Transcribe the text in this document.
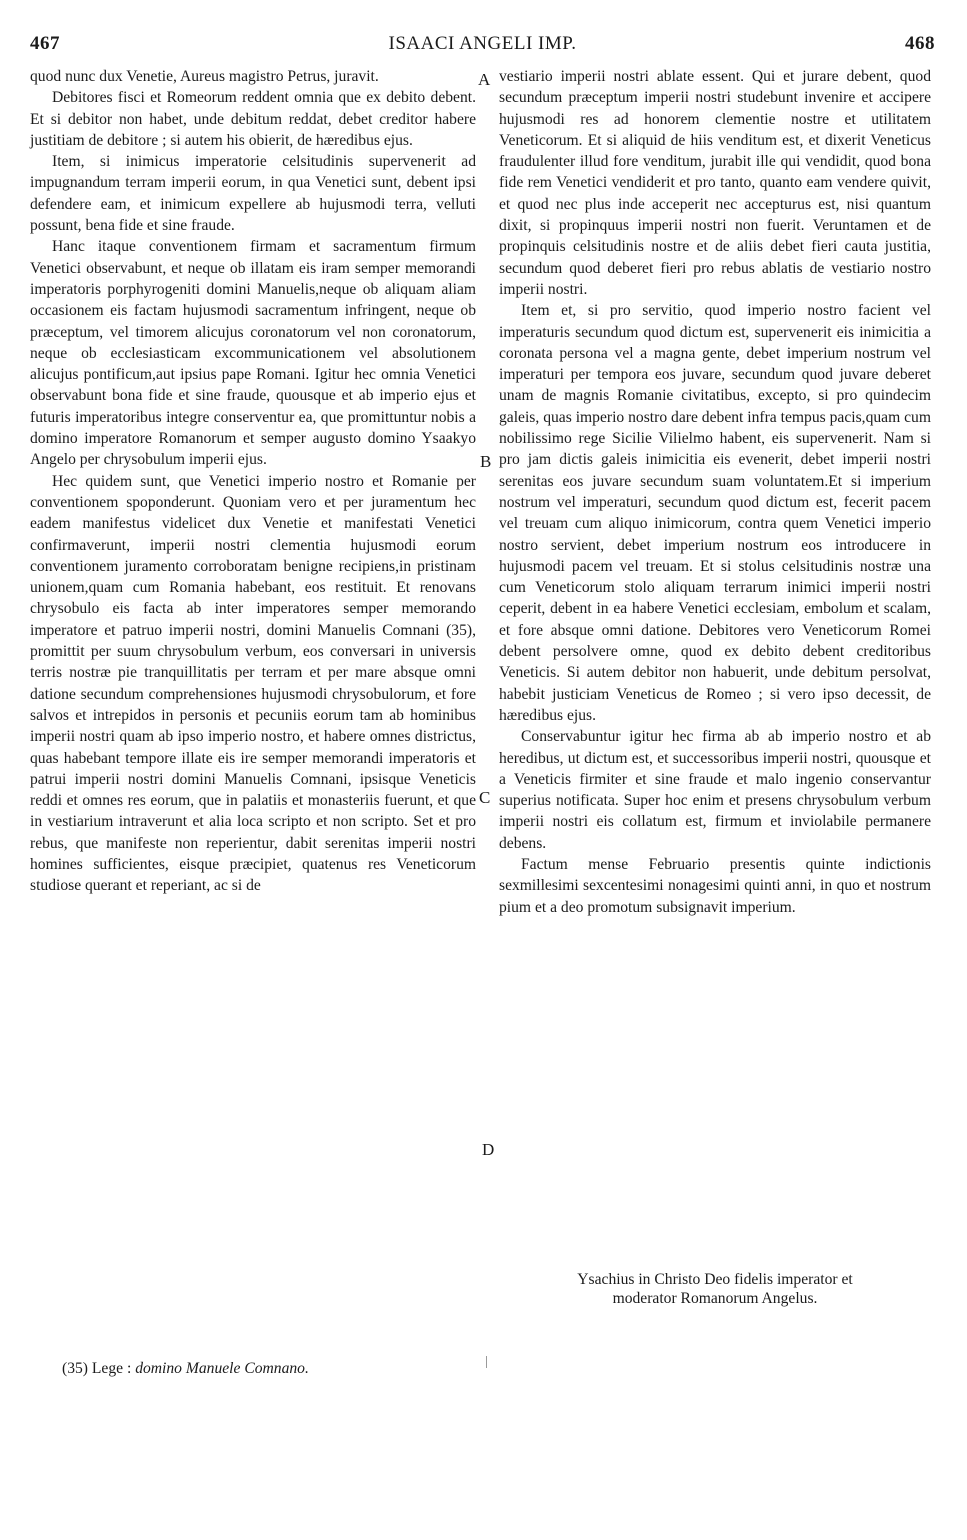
467	ISAACI ANGELI IMP.	468

quod nunc dux Venetie, Aureus magistro Petrus, juravit.

Debitores fisci et Romeorum reddent omnia que ex debito debent. Et si debitor non habet, unde debitum reddat, debet creditor habere justitiam de debitore ; si autem his obierit, de hæredibus ejus.

Item, si inimicus imperatorie celsitudinis supervenerit ad impugnandum terram imperii eorum, in qua Venetici sunt, debent ipsi defendere eam, et inimicum expellere ab hujusmodi terra, velluti possunt, bena fide et sine fraude.

Hanc itaque conventionem firmam et sacramentum firmum Venetici observabunt, et neque ob illatam eis iram semper memorandi imperatoris porphyrogeniti domini Manuelis,neque ob aliquam aliam occasionem eis factam hujusmodi sacramentum infringent, neque ob præceptum, vel timorem alicujus coronatorum vel non coronatorum, neque ob ecclesiasticam excommunicationem vel absolutionem alicujus pontificum,aut ipsius pape Romani. Igitur hec omnia Venetici observabunt bona fide et sine fraude, quousque et ab imperio ejus et futuris imperatoribus integre conserventur ea, que promittuntur nobis a domino imperatore Romanorum et semper augusto domino Ysaakyo Angelo per chrysobulum imperii ejus.

Hec quidem sunt, que Venetici imperio nostro et Romanie per conventionem spoponderunt. Quoniam vero et per juramentum hec eadem manifestus videlicet dux Venetie et manifestati Venetici confirmaverunt, imperii nostri clementia hujusmodi eorum conventionem juramento corroboratam benigne recipiens,in pristinam unionem,quam cum Romania habebant, eos restituit. Et renovans chrysobulo eis facta ab inter imperatores semper memorando imperatore et patruo imperii nostri, domini Manuelis Comnani (35), promittit per suum chrysobulum verbum, eos conversari in universis terris nostræ pie tranquillitatis per terram et per mare absque omni datione secundum comprehensiones hujusmodi chrysobulorum, et fore salvos et intrepidos in personis et pecuniis eorum tam ab hominibus imperii nostri quam ab ipso imperio nostro, et habere omnes districtus, quas habebant tempore illate eis ire semper memorandi imperatoris et patrui imperii nostri domini Manuelis Comnani, ipsisque Veneticis reddi et omnes res eorum, que in palatiis et monasteriis fuerunt, et que in vestiarium intraverunt et alia loca scripto et non scripto. Set et pro rebus, que manifeste non reperientur, dabit serenitas imperii nostri homines sufficientes, eisque præcipiet, quatenus res Veneticorum studiose querant et reperiant, ac si de

A
B
C
D

vestiario imperii nostri ablate essent. Qui et jurare debent, quod secundum præceptum imperii nostri studebunt invenire et accipere hujusmodi res ad honorem clementie nostre et utilitatem Veneticorum. Et si aliquid de hiis venditum est, et dixerit Veneticus fraudulenter illud fore venditum, jurabit ille qui vendidit, quod bona fide rem Venetici vendiderit et pro tanto, quanto eam vendere quivit, et quod nec plus inde acceperit nec accepturus est, nisi quantum dixit, si propinquus imperii nostri non fuerit. Veruntamen et de propinquis celsitudinis nostre et de aliis debet fieri cauta justitia, secundum quod deberet fieri pro rebus ablatis de vestiario nostro imperii nostri.

Item et, si pro servitio, quod imperio nostro facient vel imperaturis secundum quod dictum est, supervenerit eis inimicitia a coronata persona vel a magna gente, debet imperium nostrum vel imperaturi per tempora eos juvare, secundum quod juvare deberet unam de magnis Romanie civitatibus, excepto, si pro quindecim galeis, quas imperio nostro dare debent infra tempus pacis,quam cum nobilissimo rege Sicilie Vilielmo habent, eis supervenerit. Nam si pro jam dictis galeis inimicitia eis evenerit, debet imperii nostri serenitas eos juvare secundum suam voluntatem.Et si imperium nostrum vel imperaturi, secundum quod dictum est, fecerit pacem vel treuam cum aliquo inimicorum, contra quem Venetici imperio nostro servient, debet imperium nostrum eos introducere in hujusmodi pacem vel treuam. Et si stolus celsitudinis nostræ una cum Veneticorum stolo aliquam terrarum inimici imperii nostri ceperit, debent in ea habere Venetici ecclesiam, embolum et scalam, et fore absque omni datione. Debitores vero Veneticorum Romei debent persolvere omne, quod ex debito debent creditoribus Veneticis. Si autem debitor non habuerit, unde debitum persolvat, habebit justiciam Veneticus de Romeo ; si vero ipso decessit, de hæredibus ejus.

Conservabuntur igitur hec firma ab ab imperio nostro et ab heredibus, ut dictum est, et successoribus imperii nostri, quousque et a Veneticis firmiter et sine fraude et malo ingenio conservantur superius notificata. Super hoc enim et presens chrysobulum verbum imperii nostri eis collatum est, firmum et inviolabile permanere debens.

Factum mense Februario presentis quinte indictionis sexmillesimi sexcentesimi nonagesimi quinti anni, in quo et nostrum pium et a deo promotum subsignavit imperium.

Ysachius in Christo Deo fidelis imperator et
moderator Romanorum Angelus.
(35) Lege : domino Manuele Comnano.
